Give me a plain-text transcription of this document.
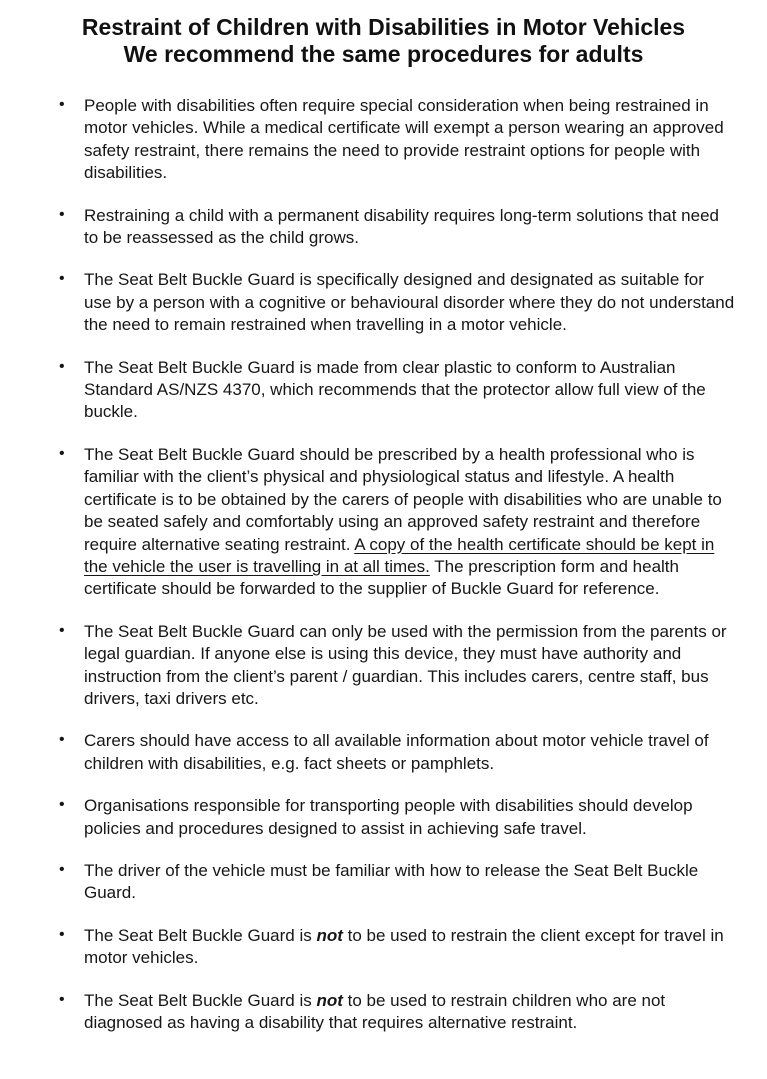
Restraint of Children with Disabilities in Motor Vehicles
We recommend the same procedures for adults
• People with disabilities often require special consideration when being restrained in motor vehicles. While a medical certificate will exempt a person wearing an approved safety restraint, there remains the need to provide restraint options for people with disabilities.
• Restraining a child with a permanent disability requires long-term solutions that need to be reassessed as the child grows.
• The Seat Belt Buckle Guard is specifically designed and designated as suitable for use by a person with a cognitive or behavioural disorder where they do not understand the need to remain restrained when travelling in a motor vehicle.
• The Seat Belt Buckle Guard is made from clear plastic to conform to Australian Standard AS/NZS 4370, which recommends that the protector allow full view of the buckle.
• The Seat Belt Buckle Guard should be prescribed by a health professional who is familiar with the client’s physical and physiological status and lifestyle. A health certificate is to be obtained by the carers of people with disabilities who are unable to be seated safely and comfortably using an approved safety restraint and therefore require alternative seating restraint. A copy of the health certificate should be kept in the vehicle the user is travelling in at all times. The prescription form and health certificate should be forwarded to the supplier of Buckle Guard for reference.
• The Seat Belt Buckle Guard can only be used with the permission from the parents or legal guardian. If anyone else is using this device, they must have authority and instruction from the client’s parent / guardian. This includes carers, centre staff, bus drivers, taxi drivers etc.
• Carers should have access to all available information about motor vehicle travel of children with disabilities, e.g. fact sheets or pamphlets.
• Organisations responsible for transporting people with disabilities should develop policies and procedures designed to assist in achieving safe travel.
• The driver of the vehicle must be familiar with how to release the Seat Belt Buckle Guard.
• The Seat Belt Buckle Guard is not to be used to restrain the client except for travel in motor vehicles.
• The Seat Belt Buckle Guard is not to be used to restrain children who are not diagnosed as having a disability that requires alternative restraint.
